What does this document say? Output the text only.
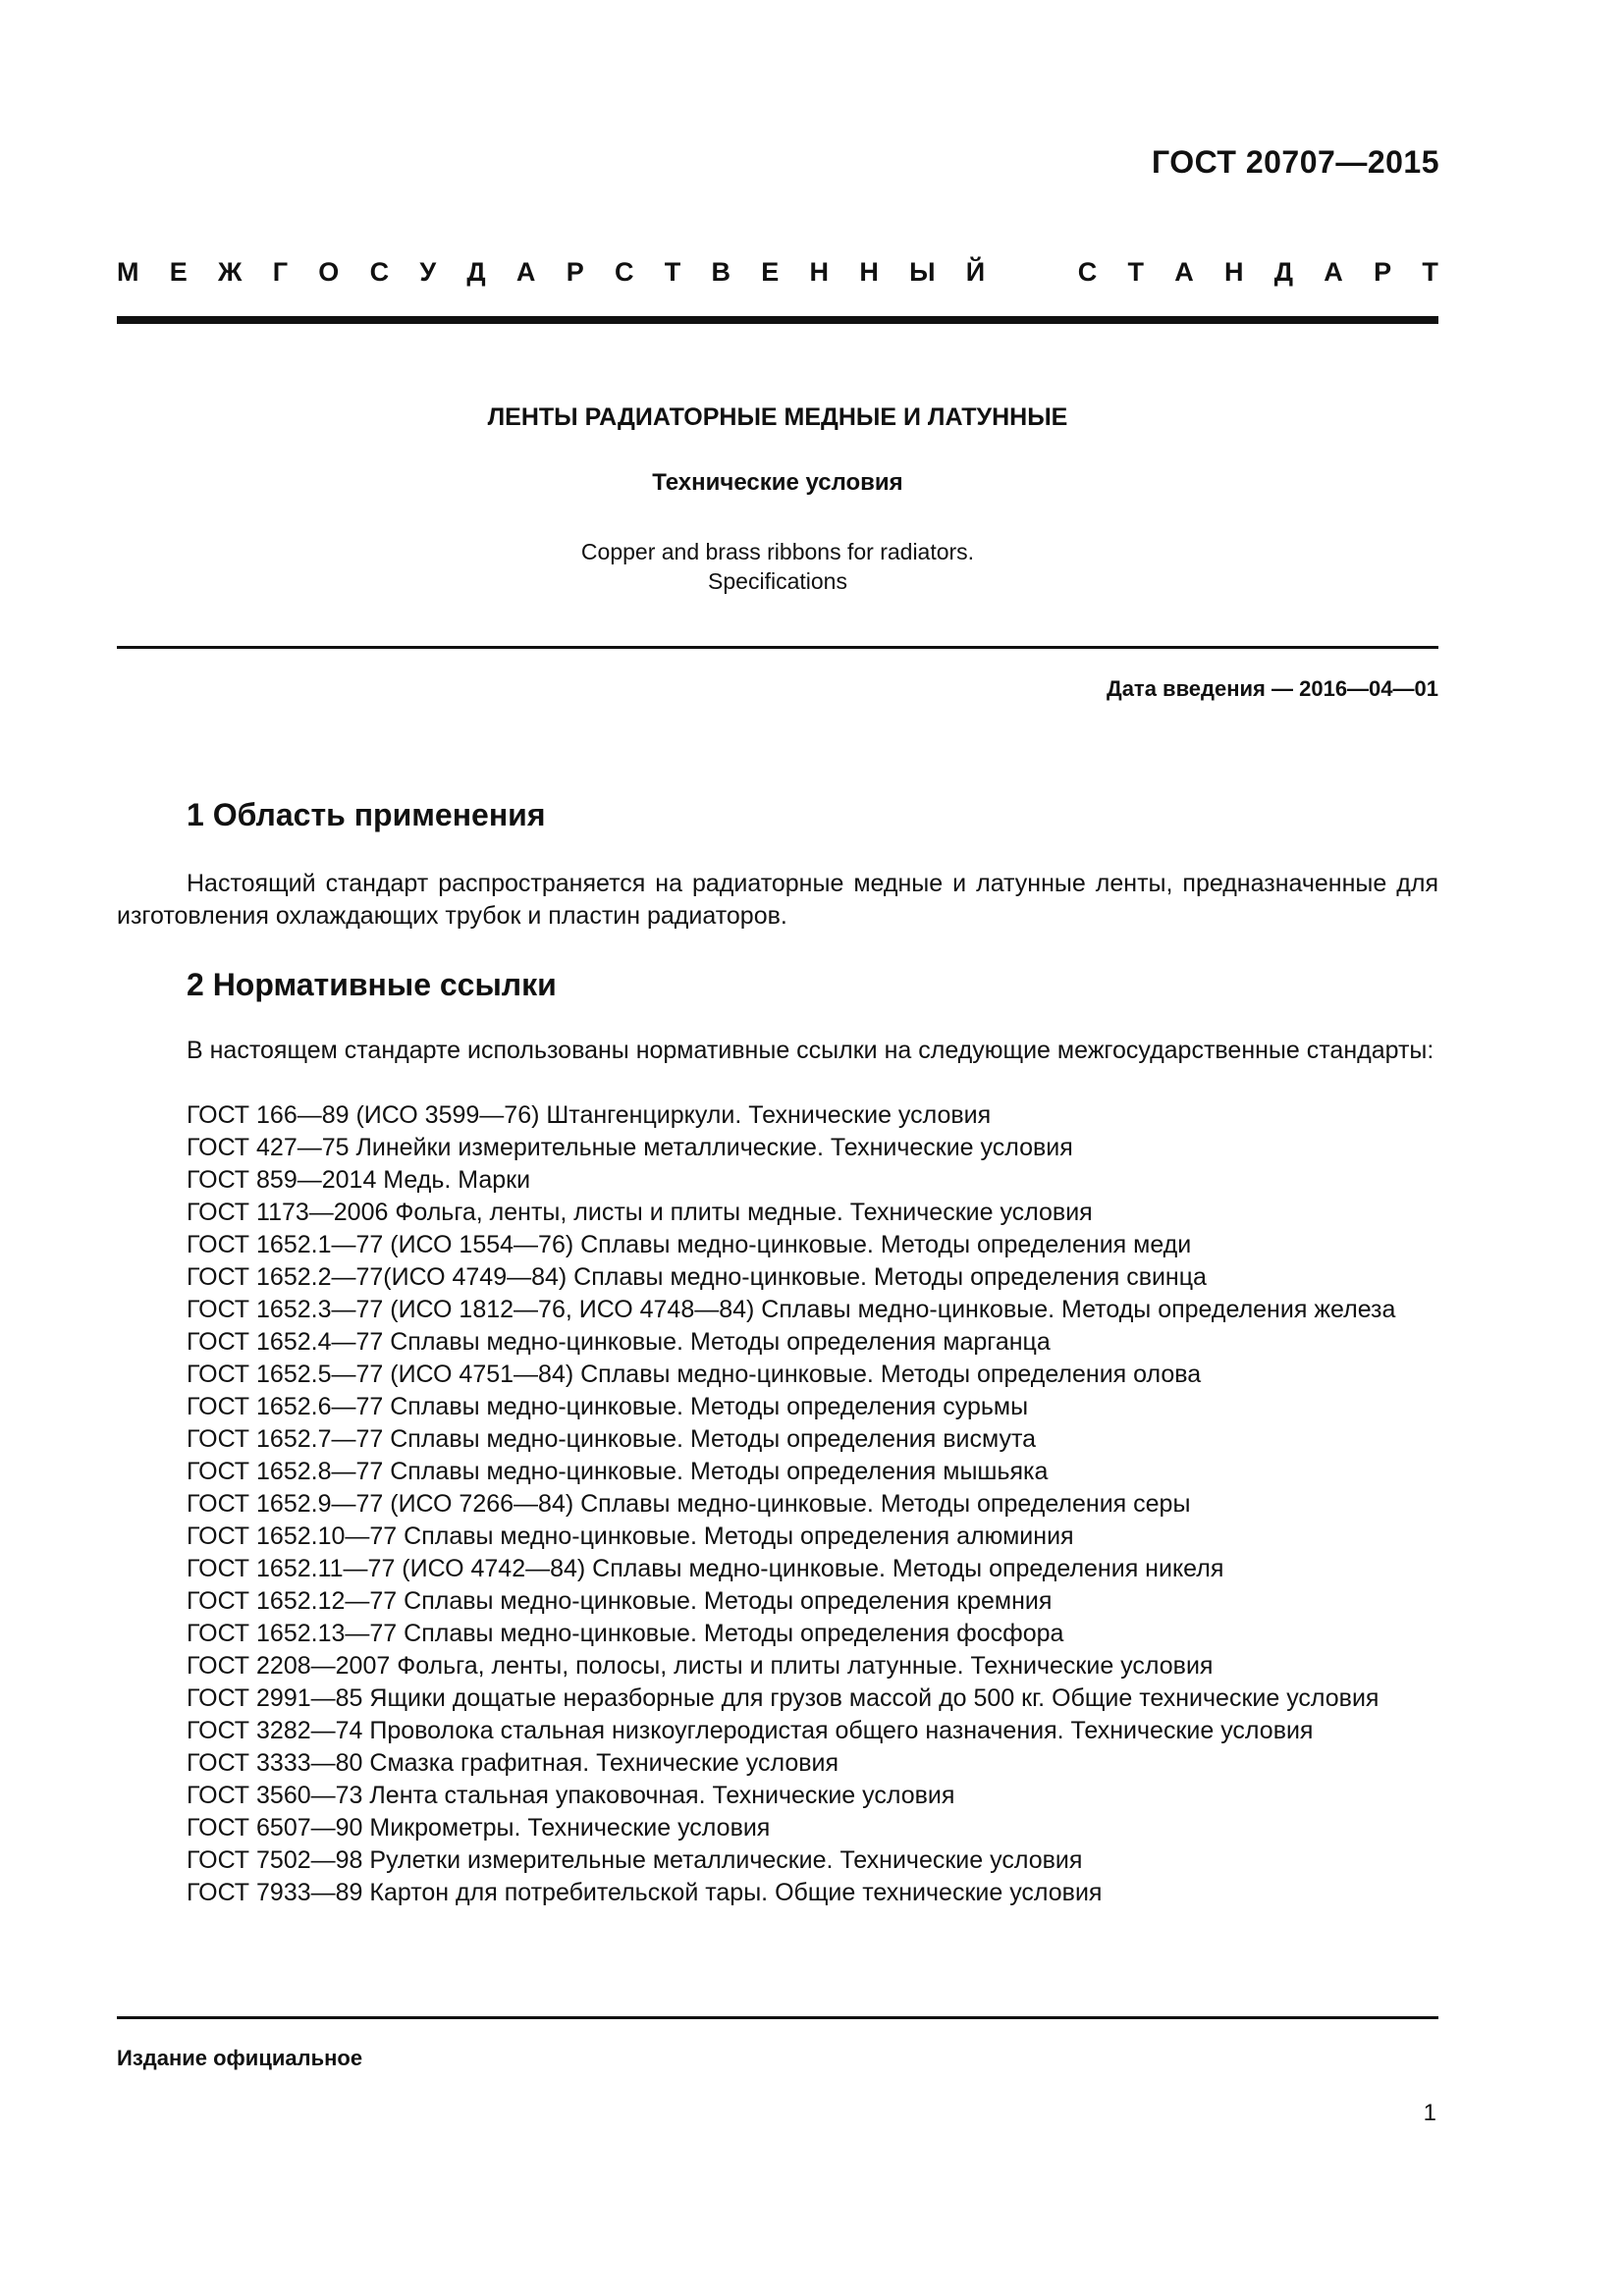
ГОСТ 20707—2015
М Е Ж Г О С У Д А Р С Т В Е Н Н Ы Й	С Т А Н Д А Р Т
ЛЕНТЫ РАДИАТОРНЫЕ МЕДНЫЕ И ЛАТУННЫЕ
Технические условия
Copper and brass ribbons for radiators.
Specifications
Дата введения — 2016—04—01
1 Область применения
Настоящий стандарт распространяется на радиаторные медные и латунные ленты, предназначенные для изготовления охлаждающих трубок и пластин радиаторов.
2 Нормативные ссылки
В настоящем стандарте использованы нормативные ссылки на следующие межгосударственные стандарты:
ГОСТ 166—89 (ИСО 3599—76) Штангенциркули. Технические условия
ГОСТ 427—75 Линейки измерительные металлические. Технические условия
ГОСТ 859—2014 Медь. Марки
ГОСТ 1173—2006 Фольга, ленты, листы и плиты медные. Технические условия
ГОСТ 1652.1—77 (ИСО 1554—76) Сплавы медно-цинковые. Методы определения меди
ГОСТ 1652.2—77(ИСО 4749—84) Сплавы медно-цинковые. Методы определения свинца
ГОСТ 1652.3—77 (ИСО 1812—76, ИСО 4748—84) Сплавы медно-цинковые. Методы определения железа
ГОСТ 1652.4—77 Сплавы медно-цинковые. Методы определения марганца
ГОСТ 1652.5—77 (ИСО 4751—84) Сплавы медно-цинковые. Методы определения олова
ГОСТ 1652.6—77 Сплавы медно-цинковые. Методы определения сурьмы
ГОСТ 1652.7—77 Сплавы медно-цинковые. Методы определения висмута
ГОСТ 1652.8—77 Сплавы медно-цинковые. Методы определения мышьяка
ГОСТ 1652.9—77 (ИСО 7266—84) Сплавы медно-цинковые. Методы определения серы
ГОСТ 1652.10—77 Сплавы медно-цинковые. Методы определения алюминия
ГОСТ 1652.11—77 (ИСО 4742—84) Сплавы медно-цинковые. Методы определения никеля
ГОСТ 1652.12—77 Сплавы медно-цинковые. Методы определения кремния
ГОСТ 1652.13—77 Сплавы медно-цинковые. Методы определения фосфора
ГОСТ 2208—2007 Фольга, ленты, полосы, листы и плиты латунные. Технические условия
ГОСТ 2991—85 Ящики дощатые неразборные для грузов массой до 500 кг. Общие технические условия
ГОСТ 3282—74 Проволока стальная низкоуглеродистая общего назначения. Технические условия
ГОСТ 3333—80 Смазка графитная. Технические условия
ГОСТ 3560—73 Лента стальная упаковочная. Технические условия
ГОСТ 6507—90 Микрометры. Технические условия
ГОСТ 7502—98 Рулетки измерительные металлические. Технические условия
ГОСТ 7933—89 Картон для потребительской тары. Общие технические условия
Издание официальное
1
